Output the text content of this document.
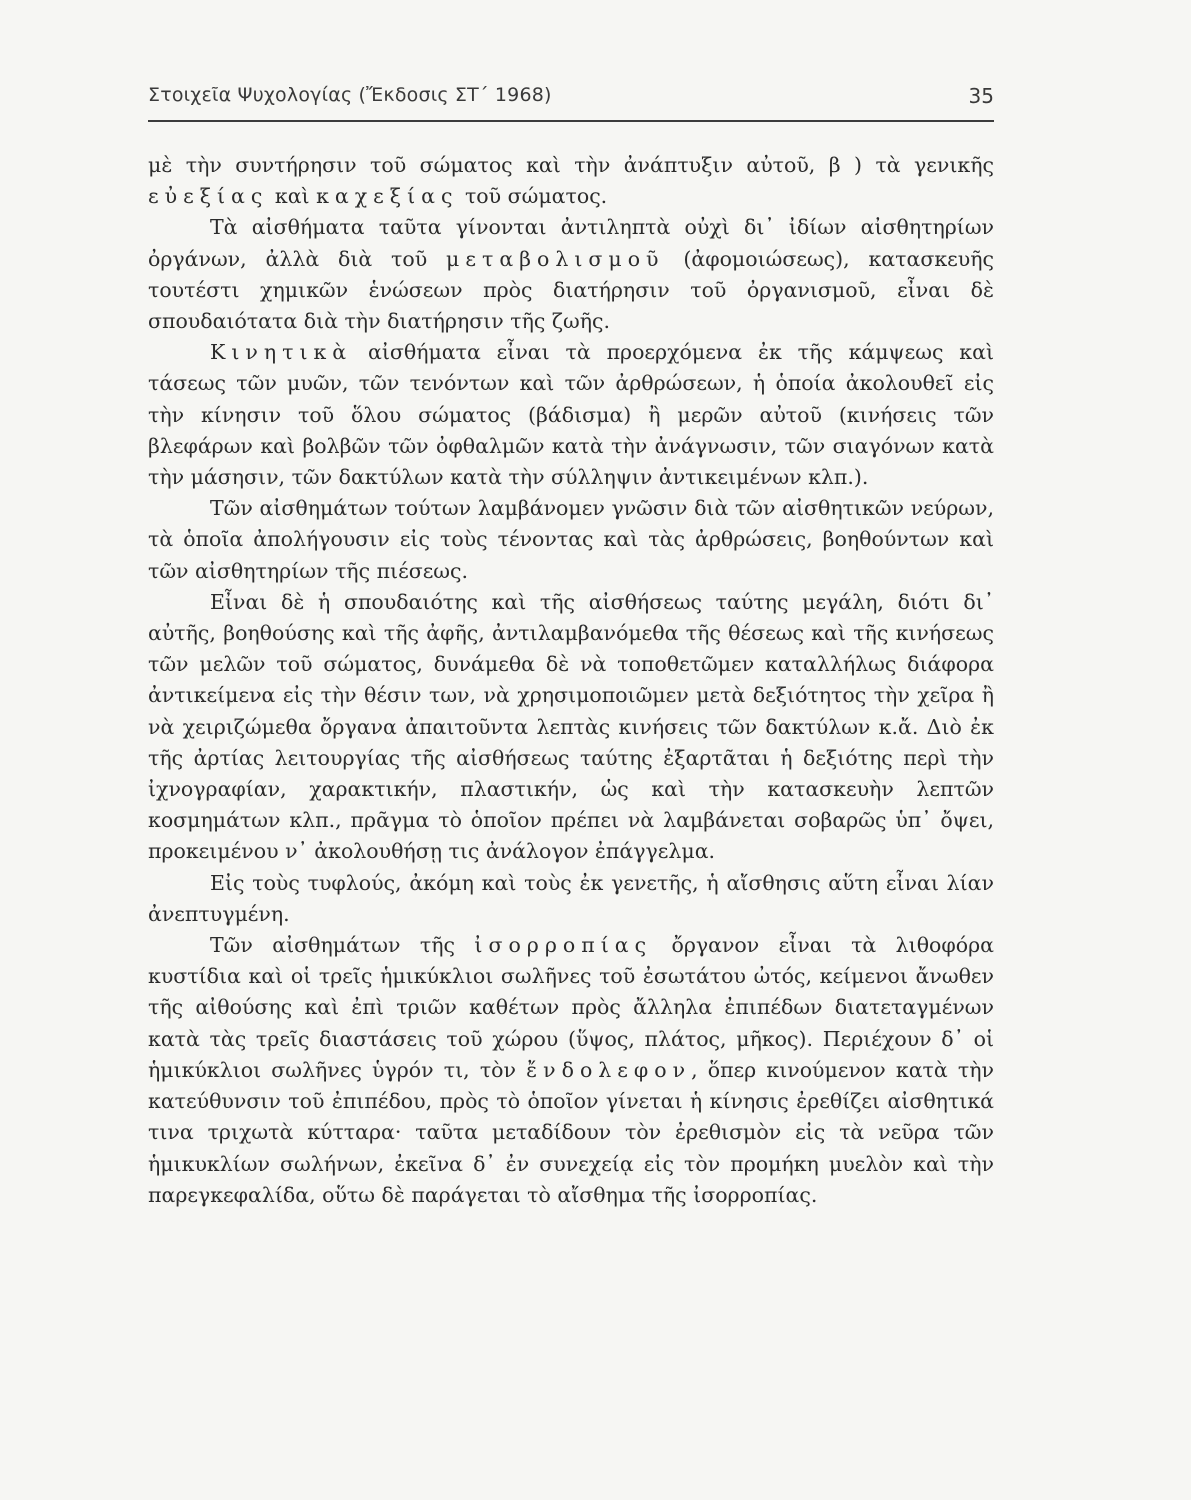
Στοιχεῖα Ψυχολογίας (Ἔκδοσις ΣΤ΄ 1968)	35

μὲ τὴν συντήρησιν τοῦ σώματος καὶ τὴν ἀνάπτυξιν αὐτοῦ, β ) τὰ γενικῆς εὐεξίας καὶ καχεξίας τοῦ σώματος.

Τὰ αἰσθήματα ταῦτα γίνονται ἀντιληπτὰ οὐχὶ δι᾽ ἰδίων αἰσθητηρίων ὀργάνων, ἀλλὰ διὰ τοῦ μεταβολισμοῦ (ἀφομοιώσεως), κατασκευῆς τουτέστι χημικῶν ἑνώσεων πρὸς διατήρησιν τοῦ ὀργανισμοῦ, εἶναι δὲ σπουδαιότατα διὰ τὴν διατήρησιν τῆς ζωῆς.

Κινητικὰ αἰσθήματα εἶναι τὰ προερχόμενα ἐκ τῆς κάμψεως καὶ τάσεως τῶν μυῶν, τῶν τενόντων καὶ τῶν ἀρθρώσεων, ἡ ὁποία ἀκολουθεῖ εἰς τὴν κίνησιν τοῦ ὅλου σώματος (βάδισμα) ἢ μερῶν αὐτοῦ (κινήσεις τῶν βλεφάρων καὶ βολβῶν τῶν ὀφθαλμῶν κατὰ τὴν ἀνάγνωσιν, τῶν σιαγόνων κατὰ τὴν μάσησιν, τῶν δακτύλων κατὰ τὴν σύλληψιν ἀντικειμένων κλπ.).

Τῶν αἰσθημάτων τούτων λαμβάνομεν γνῶσιν διὰ τῶν αἰσθητικῶν νεύρων, τὰ ὁποῖα ἀπολήγουσιν εἰς τοὺς τένοντας καὶ τὰς ἀρθρώσεις, βοηθούντων καὶ τῶν αἰσθητηρίων τῆς πιέσεως.

Εἶναι δὲ ἡ σπουδαιότης καὶ τῆς αἰσθήσεως ταύτης μεγάλη, διότι δι᾽ αὐτῆς, βοηθούσης καὶ τῆς ἀφῆς, ἀντιλαμβανόμεθα τῆς θέσεως καὶ τῆς κινήσεως τῶν μελῶν τοῦ σώματος, δυνάμεθα δὲ νὰ τοποθετῶμεν καταλλήλως διάφορα ἀντικείμενα εἰς τὴν θέσιν των, νὰ χρησιμοποιῶμεν μετὰ δεξιότητος τὴν χεῖρα ἢ νὰ χειριζώμεθα ὄργανα ἀπαιτοῦντα λεπτὰς κινήσεις τῶν δακτύλων κ.ἄ. Διὸ ἐκ τῆς ἀρτίας λειτουργίας τῆς αἰσθήσεως ταύτης ἐξαρτᾶται ἡ δεξιότης περὶ τὴν ἰχνογραφίαν, χαρακτικήν, πλαστικήν, ὡς καὶ τὴν κατασκευὴν λεπτῶν κοσμημάτων κλπ., πρᾶγμα τὸ ὁποῖον πρέπει νὰ λαμβάνεται σοβαρῶς ὑπ᾽ ὄψει, προκειμένου ν᾽ ἀκολουθήσῃ τις ἀνάλογον ἐπάγγελμα.

Εἰς τοὺς τυφλούς, ἀκόμη καὶ τοὺς ἐκ γενετῆς, ἡ αἴσθησις αὕτη εἶναι λίαν ἀνεπτυγμένη.

Τῶν αἰσθημάτων τῆς ἰσορροπίας ὄργανον εἶναι τὰ λιθοφόρα κυστίδια καὶ οἱ τρεῖς ἡμικύκλιοι σωλῆνες τοῦ ἐσωτάτου ὠτός, κείμενοι ἄνωθεν τῆς αἰθούσης καὶ ἐπὶ τριῶν καθέτων πρὸς ἄλληλα ἐπιπέδων διατεταγμένων κατὰ τὰς τρεῖς διαστάσεις τοῦ χώρου (ὕψος, πλάτος, μῆκος). Περιέχουν δ᾽ οἱ ἡμικύκλιοι σωλῆνες ὑγρόν τι, τὸν ἔνδολεφον, ὅπερ κινούμενον κατὰ τὴν κατεύθυνσιν τοῦ ἐπιπέδου, πρὸς τὸ ὁποῖον γίνεται ἡ κίνησις ἐρεθίζει αἰσθητικά τινα τριχωτὰ κύτταρα· ταῦτα μεταδίδουν τὸν ἐρεθισμὸν εἰς τὰ νεῦρα τῶν ἡμικυκλίων σωλήνων, ἐκεῖνα δ᾽ ἐν συνεχείᾳ εἰς τὸν προμήκη μυελὸν καὶ τὴν παρεγκεφαλίδα, οὕτω δὲ παράγεται τὸ αἴσθημα τῆς ἰσορροπίας.
